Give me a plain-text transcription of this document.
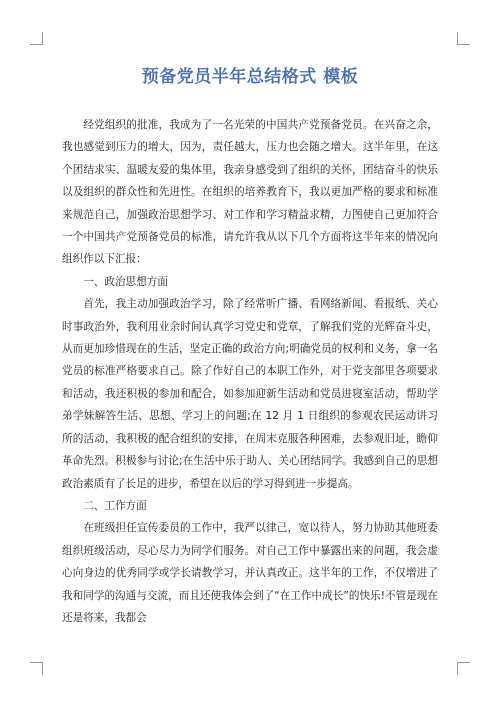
预备党员半年总结格式 模板

经党组织的批准，我成为了一名光荣的中国共产党预备党员。在兴奋之余，我也感觉到压力的增大，因为，责任越大，压力也会随之增大。这半年里，在这个团结求实、温暖友爱的集体里，我亲身感受到了组织的关怀，团结奋斗的快乐以及组织的群众性和先进性。在组织的培养教育下，我以更加严格的要求和标准来规范自己，加强政治思想学习、对工作和学习精益求精，力图使自己更加符合一个中国共产党预备党员的标准，请允许我从以下几个方面将这半年来的情况向组织作以下汇报：

一、政治思想方面

首先，我主动加强政治学习，除了经常听广播、看网络新闻、看报纸、关心时事政治外，我利用业余时间认真学习党史和党章，了解我们党的光辉奋斗史，从而更加珍惜现在的生活，坚定正确的政治方向;明确党员的权利和义务，拿一名党员的标准严格要求自己。除了作好自己的本职工作外，对于党支部里各项要求和活动，我还积极的参加和配合，如参加迎新生活动和党员进寝室活动，帮助学弟学妹解答生活、思想、学习上的问题;在 12 月 1 日组织的参观农民运动讲习所的活动，我积极的配合组织的安排，在周末克服各种困难，去参观旧址，瞻仰革命先烈。积极参与讨论;在生活中乐于助人、关心团结同学。我感到自己的思想政治素质有了长足的进步，希望在以后的学习得到进一步提高。

二、工作方面

在班级担任宣传委员的工作中，我严以律己，宽以待人，努力协助其他班委组织班级活动，尽心尽力为同学们服务。对自己工作中暴露出来的问题，我会虚心向身边的优秀同学或学长请教学习，并认真改正。这半年的工作，不仅增进了我和同学的沟通与交流，而且还使我体会到了“在工作中成长”的快乐!不管是现在还是将来，我都会
